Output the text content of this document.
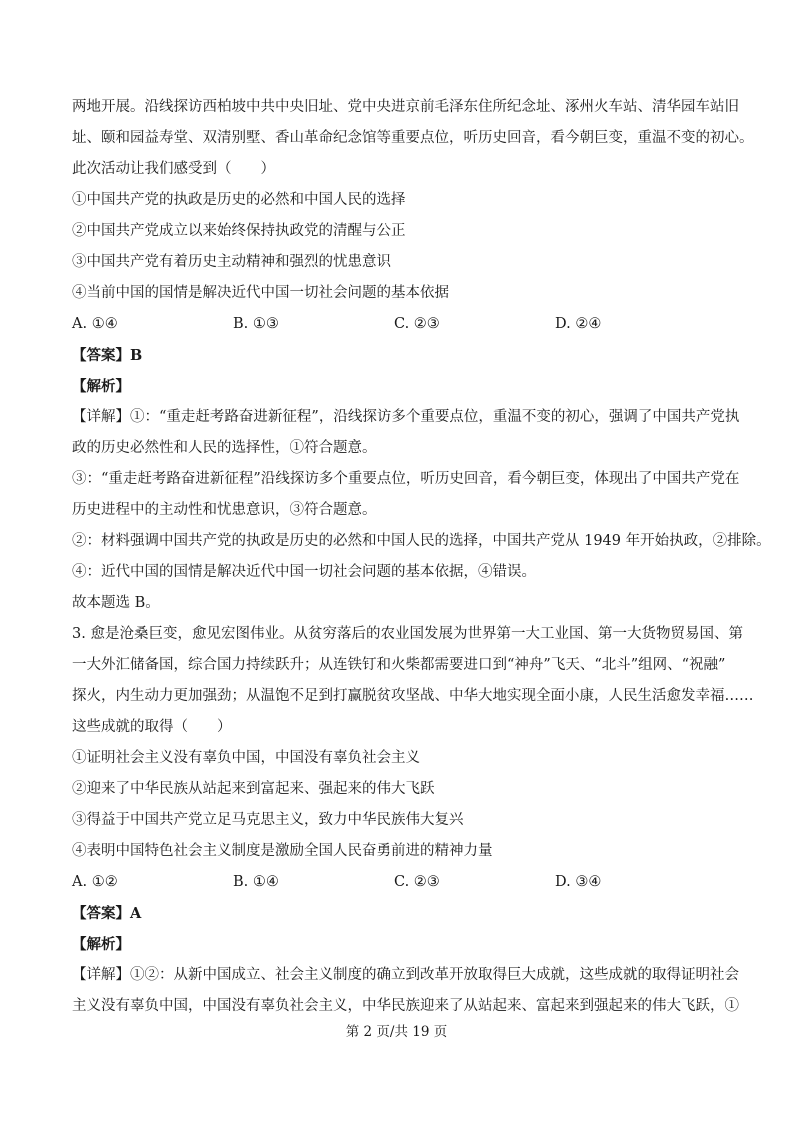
两地开展。沿线探访西柏坡中共中央旧址、党中央进京前毛泽东住所纪念址、涿州火车站、清华园车站旧
址、颐和园益寿堂、双清别墅、香山革命纪念馆等重要点位，听历史回音，看今朝巨变，重温不变的初心。
此次活动让我们感受到（　　）
①中国共产党的执政是历史的必然和中国人民的选择
②中国共产党成立以来始终保持执政党的清醒与公正
③中国共产党有着历史主动精神和强烈的忧患意识
④当前中国的国情是解决近代中国一切社会问题的基本依据
A. ①④	B. ①③	C. ②③	D. ②④
【答案】B
【解析】
【详解】①：“重走赶考路奋进新征程”，沿线探访多个重要点位，重温不变的初心，强调了中国共产党执
政的历史必然性和人民的选择性，①符合题意。
③：“重走赶考路奋进新征程”沿线探访多个重要点位，听历史回音，看今朝巨变，体现出了中国共产党在
历史进程中的主动性和忧患意识，③符合题意。
②：材料强调中国共产党的执政是历史的必然和中国人民的选择，中国共产党从 1949 年开始执政，②排除。
④：近代中国的国情是解决近代中国一切社会问题的基本依据，④错误。
故本题选 B。
3. 愈是沧桑巨变，愈见宏图伟业。从贫穷落后的农业国发展为世界第一大工业国、第一大货物贸易国、第
一大外汇储备国，综合国力持续跃升；从连铁钉和火柴都需要进口到“神舟”飞天、“北斗”组网、“祝融”
探火，内生动力更加强劲；从温饱不足到打赢脱贫攻坚战、中华大地实现全面小康，人民生活愈发幸福……
这些成就的取得（　　）
①证明社会主义没有辜负中国，中国没有辜负社会主义
②迎来了中华民族从站起来到富起来、强起来的伟大飞跃
③得益于中国共产党立足马克思主义，致力中华民族伟大复兴
④表明中国特色社会主义制度是激励全国人民奋勇前进的精神力量
A. ①②	B. ①④	C. ②③	D. ③④
【答案】A
【解析】
【详解】①②：从新中国成立、社会主义制度的确立到改革开放取得巨大成就，这些成就的取得证明社会
主义没有辜负中国，中国没有辜负社会主义，中华民族迎来了从站起来、富起来到强起来的伟大飞跃，①
第 2 页/共 19 页
